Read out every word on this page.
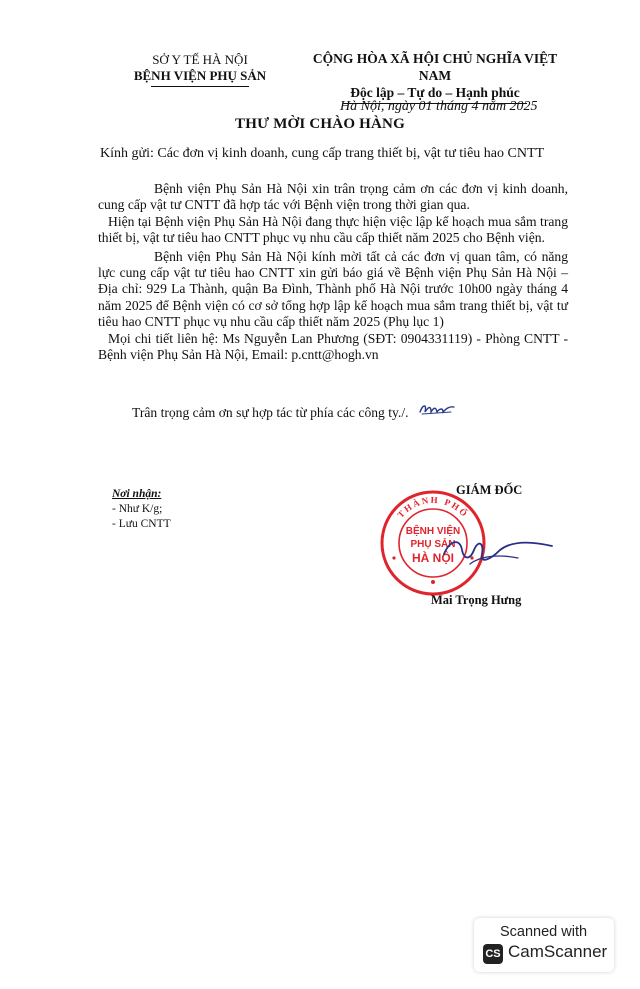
SỞ Y TẾ HÀ NỘI
BỆNH VIỆN PHỤ SẢN
CỘNG HÒA XÃ HỘI CHỦ NGHĨA VIỆT NAM
Độc lập – Tự do – Hạnh phúc
Hà Nội, ngày 01 tháng 4 năm 2025
THƯ MỜI CHÀO HÀNG
Kính gửi: Các đơn vị kinh doanh, cung cấp trang thiết bị, vật tư tiêu hao CNTT

Bệnh viện Phụ Sản Hà Nội xin trân trọng cảm ơn các đơn vị kinh doanh, cung cấp vật tư CNTT đã hợp tác với Bệnh viện trong thời gian qua.

Hiện tại Bệnh viện Phụ Sản Hà Nội đang thực hiện việc lập kế hoạch mua sắm trang thiết bị, vật tư tiêu hao CNTT phục vụ nhu cầu cấp thiết năm 2025 cho Bệnh viện.

Bệnh viện Phụ Sản Hà Nội kính mời tất cả các đơn vị quan tâm, có năng lực cung cấp vật tư tiêu hao CNTT xin gửi báo giá về Bệnh viện Phụ Sản Hà Nội – Địa chỉ: 929 La Thành, quận Ba Đình, Thành phố Hà Nội trước 10h00 ngày tháng 4 năm 2025 để Bệnh viện có cơ sở tổng hợp lập kế hoạch mua sắm trang thiết bị, vật tư tiêu hao CNTT phục vụ nhu cầu cấp thiết năm 2025 (Phụ lục 1)

Mọi chi tiết liên hệ: Ms Nguyễn Lan Phương (SĐT: 0904331119) - Phòng CNTT -Bệnh viện Phụ Sản Hà Nội, Email: p.cntt@hogh.vn

Trân trọng cảm ơn sự hợp tác từ phía các công ty./.
Nơi nhận:
- Như K/g;
- Lưu CNTT
GIÁM ĐỐC
THÀNH PHỐ
BỆNH VIỆN
PHỤ SẢN
HÀ NỘI
Mai Trọng Hưng
Scanned with
CS CamScanner
